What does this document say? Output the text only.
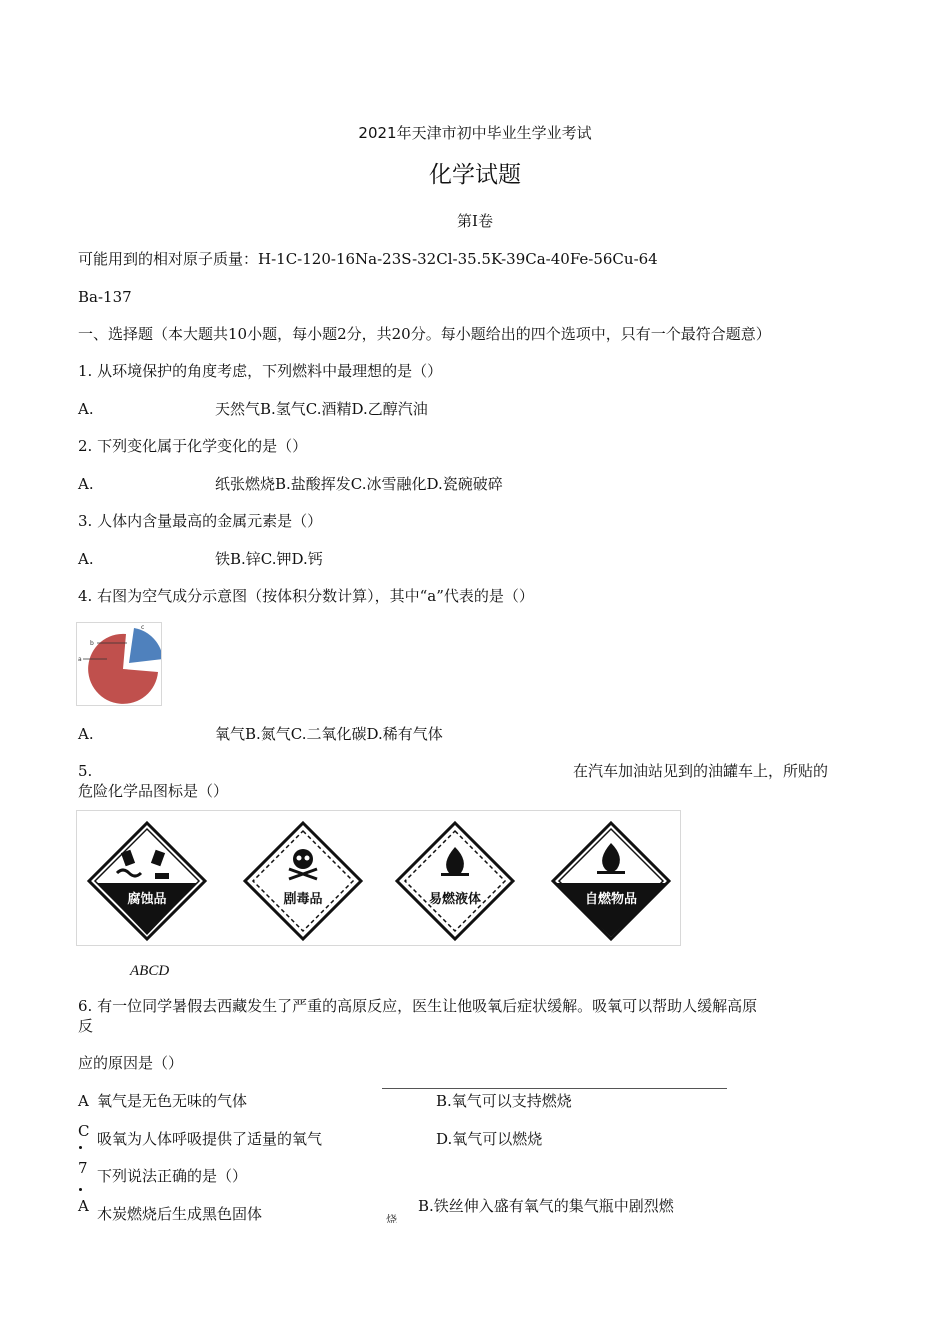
2021年天津市初中毕业生学业考试
化学试题
第Ⅰ卷
可能用到的相对原子质量：H-1C-120-16Na-23S-32Cl-35.5K-39Ca-40Fe-56Cu-64
Ba-137
一、选择题（本大题共10小题，每小题2分，共20分。每小题给出的四个选项中，只有一个最符合题意）
1. 从环境保护的角度考虑，下列燃料中最理想的是（）
A.	天然气B.氢气C.酒精D.乙醇汽油
2. 下列变化属于化学变化的是（）
A.	纸张燃烧B.盐酸挥发C.冰雪融化D.瓷碗破碎
3. 人体内含量最高的金属元素是（）
A.	铁B.锌C.钾D.钙
4. 右图为空气成分示意图（按体积分数计算），其中“a”代表的是（）
b
a
c
A.	氧气B.氮气C.二氧化碳D.稀有气体
5.	在汽车加油站见到的油罐车上，所贴的
危险化学品图标是（）
腐蚀品	剧毒品	易燃液体	自燃物品
ABCD
6. 有一位同学暑假去西藏发生了严重的高原反应，医生让他吸氧后症状缓解。吸氧可以帮助人缓解高原
反
应的原因是（）
A 氧气是无色无味的气体	B.氧气可以支持燃烧
C 吸氧为人体呼吸提供了适量的氧气	D.氧气可以燃烧
7 下列说法正确的是（）
A 木炭燃烧后生成黑色固体	B.铁丝伸入盛有氧气的集气瓶中剧烈燃
烧
